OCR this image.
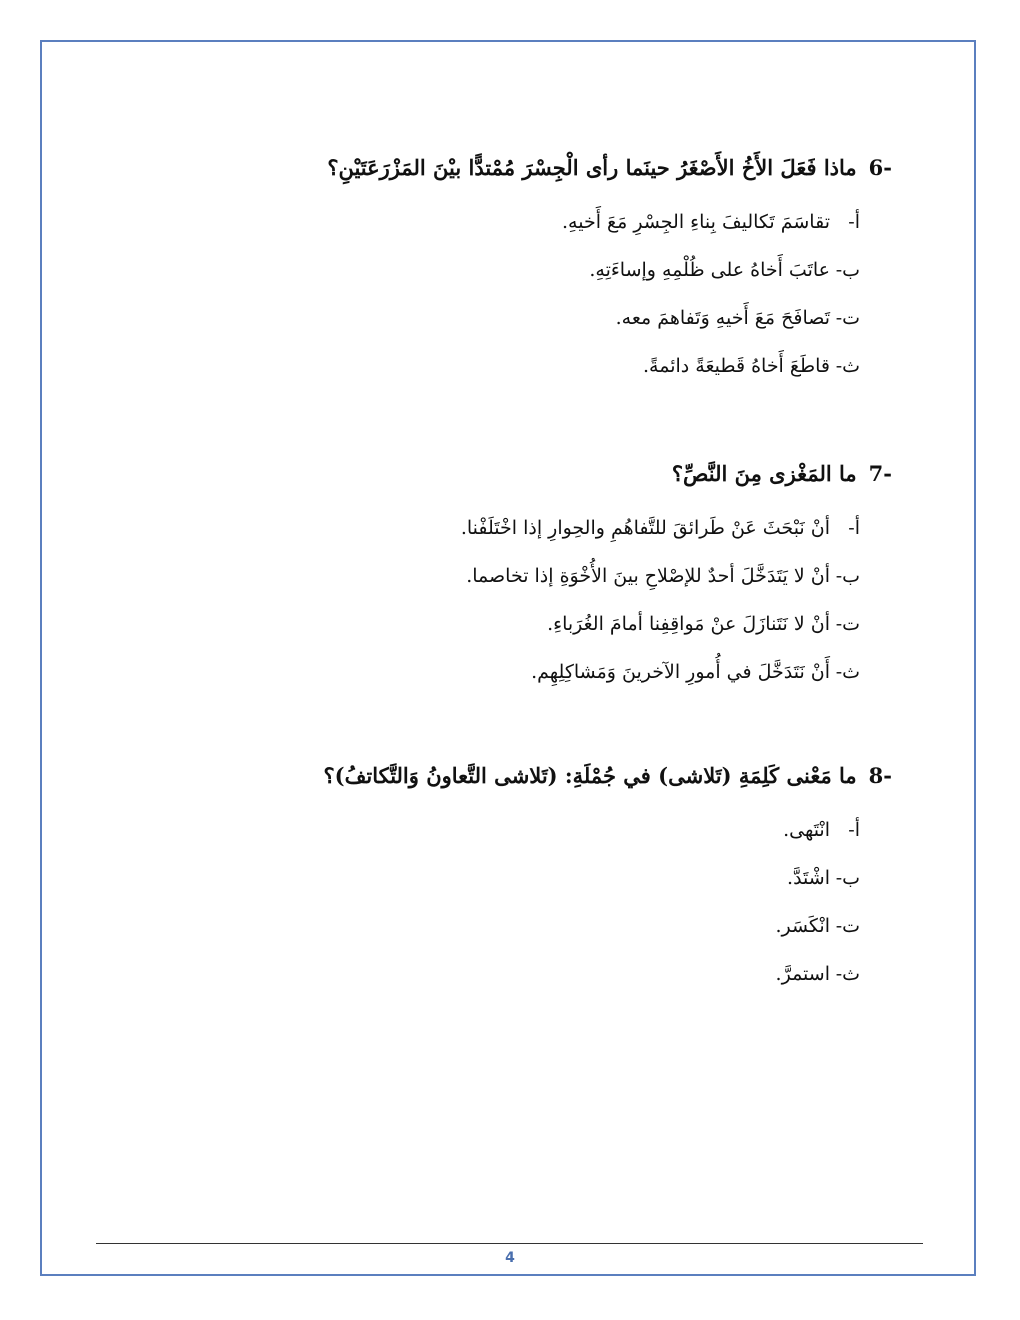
-6ماذا فَعَلَ الأَخُ الأَصْغَرُ حينَما رأى الْجِسْرَ مُمْتدًّا بيْنَ المَزْرَعَتَيْنِ؟
أ-تقاسَمَ تَكاليفَ بِناءِ الجِسْرِ مَعَ أَخيهِ.
ب-عاتَبَ أَخاهُ على ظُلْمِهِ وإساءَتِهِ.
ت-تَصافَحَ مَعَ أَخيهِ وَتَفاهمَ معه.
ث-قاطَعَ أَخاهُ قَطيعَةً دائمةً.
-7ما المَغْزى مِنَ النَّصِّ؟
أ-أنْ نَبْحَثَ عَنْ طَرائقَ للتَّفاهُمِ والحِوارِ إذا اخْتَلَفْنا.
ب-أنْ لا يَتَدَخَّلَ أحدٌ للإصْلاحِ بينَ الأُخْوَةِ إذا تخاصما.
ت-أنْ لا نَتَنازَلَ عنْ مَواقِفِنا أمامَ الغُرَباءِ.
ث-أَنْ نَتَدَخَّلَ في أُمورِ الآخرينَ وَمَشاكِلِهِم.
-8ما مَعْنى كَلِمَةِ (تَلاشى) في جُمْلَةِ: (تَلاشى التَّعاونُ وَالتَّكاتفُ)؟
أ-انْتَهى.
ب-اشْتَدَّ.
ت-انْكَسَر.
ث-استمرَّ.
4
